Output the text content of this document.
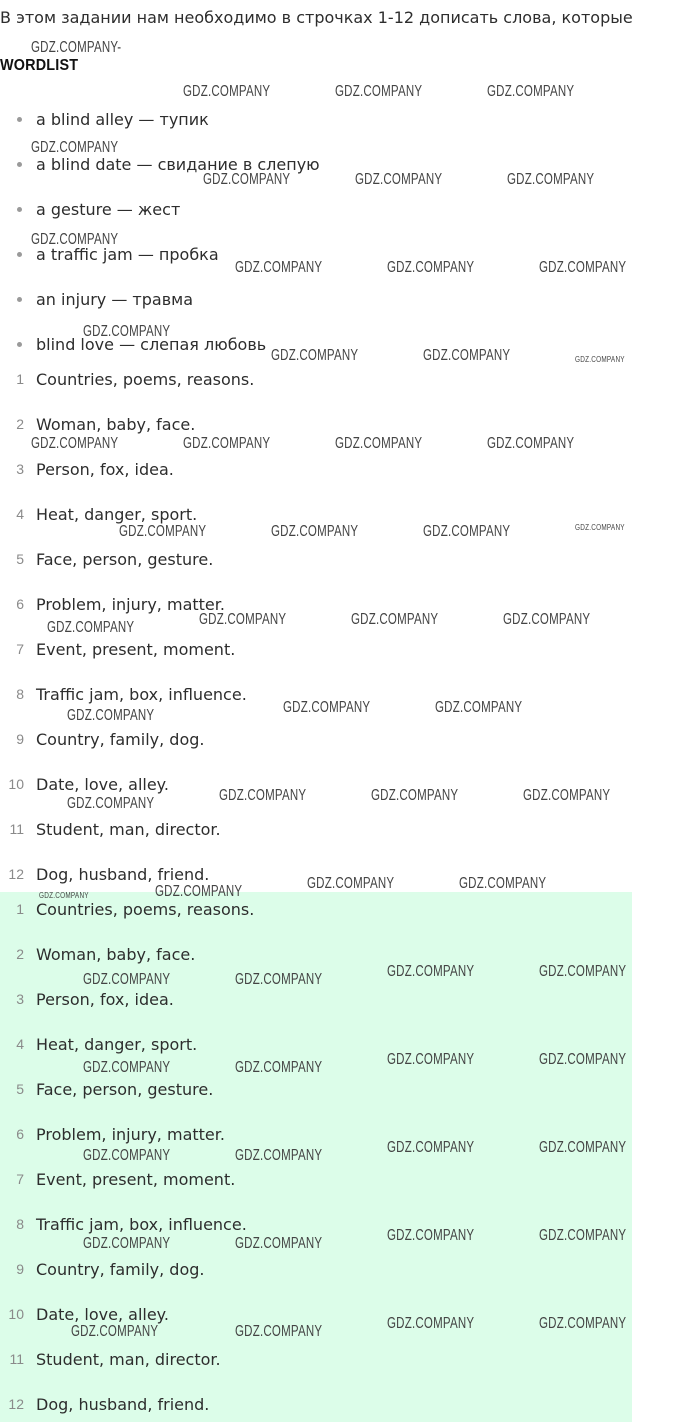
В этом задании нам необходимо в строчках 1-12 дописать слова, которые
WORDLIST
a blind alley — тупик
a blind date — свидание в слепую
a gesture — жест
a traffic jam — пробка
an injury — травма
blind love — слепая любовь
1 Countries, poems, reasons.
2 Woman, baby, face.
3 Person, fox, idea.
4 Heat, danger, sport.
5 Face, person, gesture.
6 Problem, injury, matter.
7 Event, present, moment.
8 Traffic jam, box, influence.
9 Country, family, dog.
10 Date, love, alley.
11 Student, man, director.
12 Dog, husband, friend.
1 Countries, poems, reasons.
2 Woman, baby, face.
3 Person, fox, idea.
4 Heat, danger, sport.
5 Face, person, gesture.
6 Problem, injury, matter.
7 Event, present, moment.
8 Traffic jam, box, influence.
9 Country, family, dog.
10 Date, love, alley.
11 Student, man, director.
12 Dog, husband, friend.
GDZ.COMPANY-
GDZ.COMPANY	GDZ.COMPANY	GDZ.COMPANY
GDZ.COMPANY
GDZ.COMPANY	GDZ.COMPANY	GDZ.COMPANY
GDZ.COMPANY
GDZ.COMPANY	GDZ.COMPANY	GDZ.COMPANY
GDZ.COMPANY
GDZ.COMPANY	GDZ.COMPANY	GDZ.COMPANY
GDZ.COMPANY	GDZ.COMPANY	GDZ.COMPANY	GDZ.COMPANY
GDZ.COMPANY	GDZ.COMPANY	GDZ.COMPANY	GDZ.COMPANY
GDZ.COMPANY	GDZ.COMPANY	GDZ.COMPANY	GDZ.COMPANY
GDZ.COMPANY	GDZ.COMPANY	GDZ.COMPANY
GDZ.COMPANY	GDZ.COMPANY	GDZ.COMPANY	GDZ.COMPANY
GDZ.COMPANY	GDZ.COMPANY	GDZ.COMPANY	GDZ.COMPANY
GDZ.COMPANY	GDZ.COMPANY	GDZ.COMPANY	GDZ.COMPANY
GDZ.COMPANY	GDZ.COMPANY	GDZ.COMPANY	GDZ.COMPANY
GDZ.COMPANY	GDZ.COMPANY	GDZ.COMPANY	GDZ.COMPANY
GDZ.COMPANY	GDZ.COMPANY	GDZ.COMPANY	GDZ.COMPANY
GDZ.COMPANY	GDZ.COMPANY	GDZ.COMPANY	GDZ.COMPANY
